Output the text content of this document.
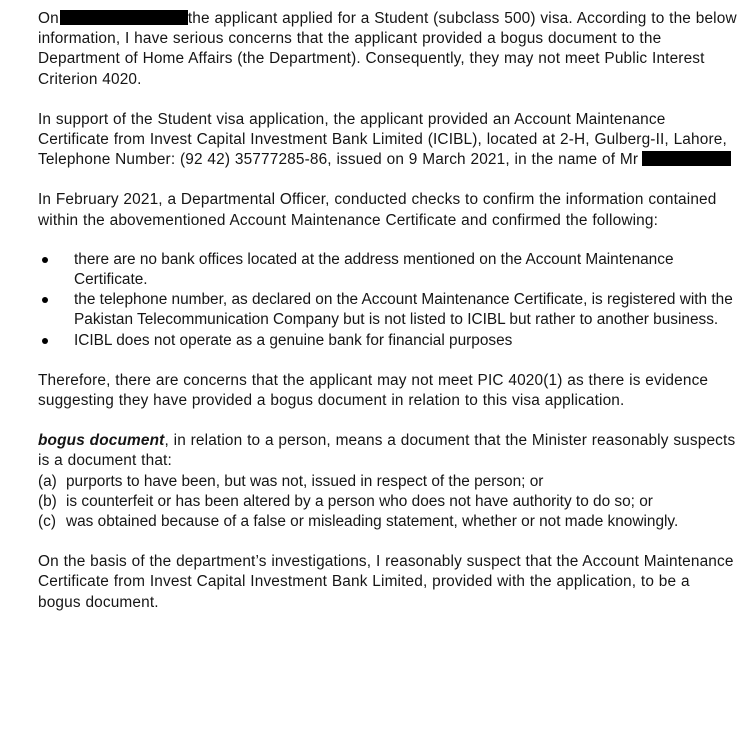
On	the applicant applied for a Student (subclass 500) visa. According to the below information, I have serious concerns that the applicant provided a bogus document to the Department of Home Affairs (the Department). Consequently, they may not meet Public Interest Criterion 4020.

In support of the Student visa application, the applicant provided an Account Maintenance Certificate from Invest Capital Investment Bank Limited (ICIBL), located at 2-H, Gulberg-II, Lahore, Telephone Number: (92 42) 35777285-86, issued on 9 March 2021, in the name of Mr

In February 2021, a Departmental Officer, conducted checks to confirm the information contained within the abovementioned Account Maintenance Certificate and confirmed the following:

there are no bank offices located at the address mentioned on the Account Maintenance Certificate.
the telephone number, as declared on the Account Maintenance Certificate, is registered with the Pakistan Telecommunication Company but is not listed to ICIBL but rather to another business.
ICIBL does not operate as a genuine bank for financial purposes

Therefore, there are concerns that the applicant may not meet PIC 4020(1) as there is evidence suggesting they have provided a bogus document in relation to this visa application.

bogus document, in relation to a person, means a document that the Minister reasonably suspects is a document that:

(a) purports to have been, but was not, issued in respect of the person; or
(b) is counterfeit or has been altered by a person who does not have authority to do so; or
(c) was obtained because of a false or misleading statement, whether or not made knowingly.

On the basis of the department’s investigations, I reasonably suspect that the Account Maintenance Certificate from Invest Capital Investment Bank Limited, provided with the application, to be a bogus document.
